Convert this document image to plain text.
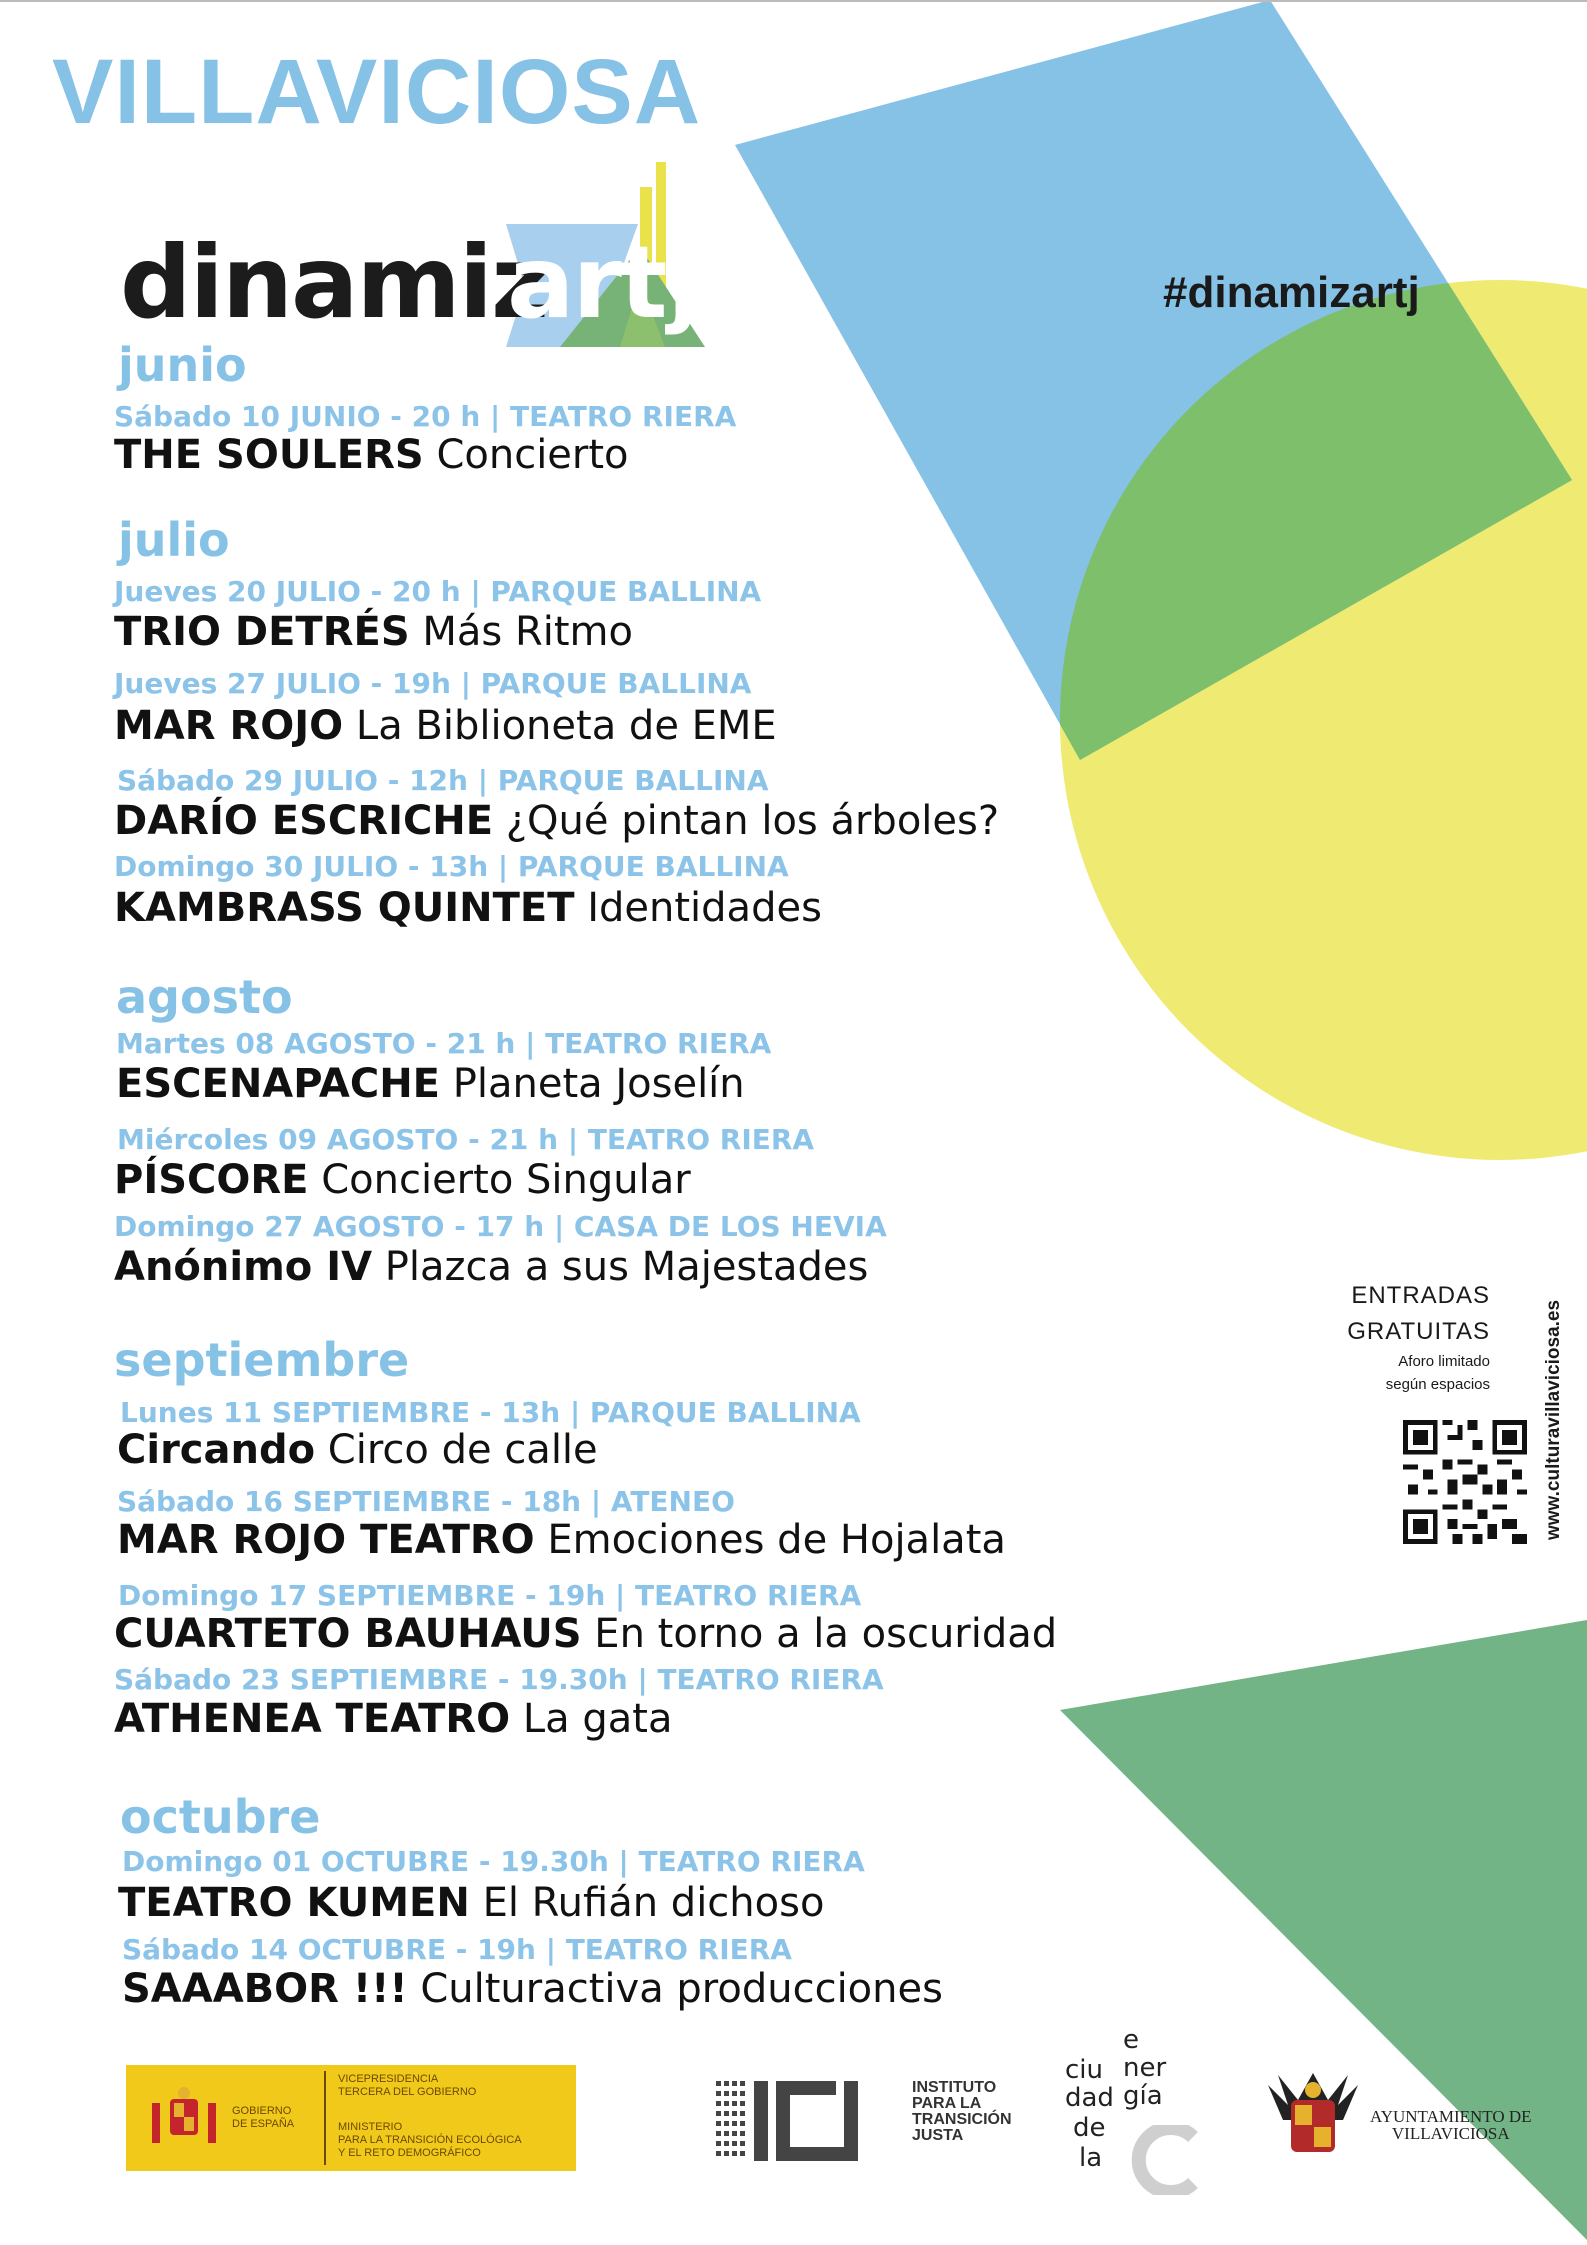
VILLAVICIOSA
#dinamizartj
dinamiz
art j
junio
Sábado 10 JUNIO - 20 h | TEATRO RIERA
THE SOULERS Concierto
julio
Jueves 20 JULIO - 20 h | PARQUE BALLINA
TRIO DETRÉS Más Ritmo
Jueves 27 JULIO - 19h | PARQUE BALLINA
MAR ROJO La Biblioneta de EME
Sábado 29 JULIO - 12h | PARQUE BALLINA
DARÍO ESCRICHE ¿Qué pintan los árboles?
Domingo 30 JULIO - 13h | PARQUE BALLINA
KAMBRASS QUINTET Identidades
agosto
Martes 08 AGOSTO - 21 h | TEATRO RIERA
ESCENAPACHE Planeta Joselín
Miércoles 09 AGOSTO - 21 h | TEATRO RIERA
PÍSCORE Concierto Singular
Domingo 27 AGOSTO - 17 h | CASA DE LOS HEVIA
Anónimo IV Plazca a sus Majestades
septiembre
Lunes 11 SEPTIEMBRE - 13h | PARQUE BALLINA
Circando Circo de calle
Sábado 16 SEPTIEMBRE - 18h | ATENEO
MAR ROJO TEATRO Emociones de Hojalata
Domingo 17 SEPTIEMBRE - 19h | TEATRO RIERA
CUARTETO BAUHAUS En torno a la oscuridad
Sábado 23 SEPTIEMBRE - 19.30h | TEATRO RIERA
ATHENEA TEATRO La gata
octubre
Domingo 01 OCTUBRE - 19.30h | TEATRO RIERA
TEATRO KUMEN El Rufián dichoso
Sábado 14 OCTUBRE - 19h | TEATRO RIERA
SAAABOR !!! Culturactiva producciones
ENTRADAS
GRATUITAS
Aforo limitado
según espacios	www.culturavillaviciosa.es
GOBIERNO
DE ESPAÑA
VICEPRESIDENCIA
TERCERA DEL GOBIERNO
MINISTERIO
PARA LA TRANSICIÓN ECOLÓGICA
Y EL RETO DEMOGRÁFICO
INSTITUTO
PARA LA
TRANSICIÓN
JUSTA
ciu
dad
de
la
e
ner
gía
AYUNTAMIENTO DE
VILLAVICIOSA
